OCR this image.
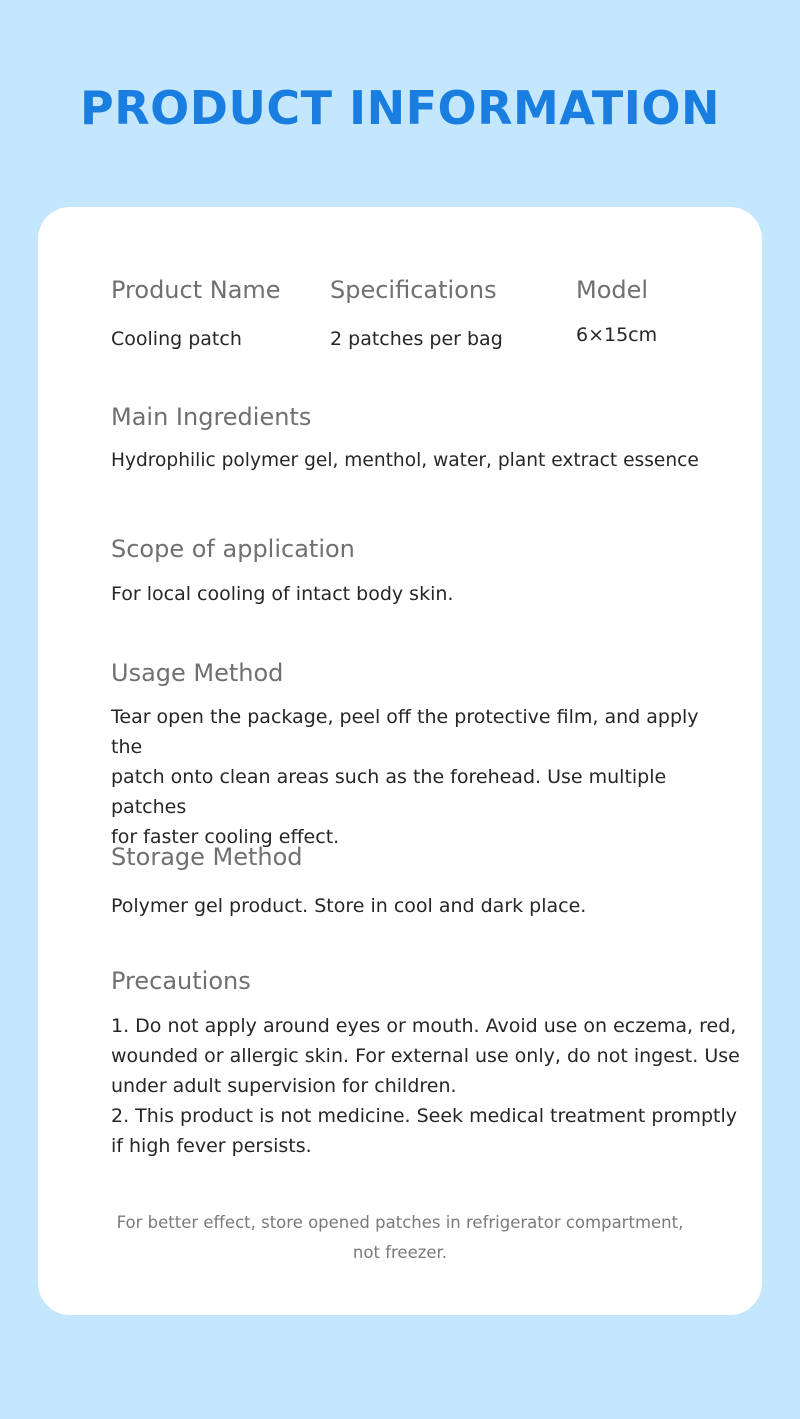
PRODUCT INFORMATION
Product Name

Cooling patch

Specifications

2 patches per bag

Model

6×15cm

Main Ingredients

Hydrophilic polymer gel, menthol, water, plant extract essence

Scope of application

For local cooling of intact body skin.

Usage Method
Tear open the package, peel off the protective film, and apply the
patch onto clean areas such as the forehead. Use multiple patches
for faster cooling effect.
Storage Method

Polymer gel product. Store in cool and dark place.

Precautions
1. Do not apply around eyes or mouth. Avoid use on eczema, red,
wounded or allergic skin. For external use only, do not ingest. Use
under adult supervision for children.
2. This product is not medicine. Seek medical treatment promptly
if high fever persists.
For better effect, store opened patches in refrigerator compartment,
not freezer.
